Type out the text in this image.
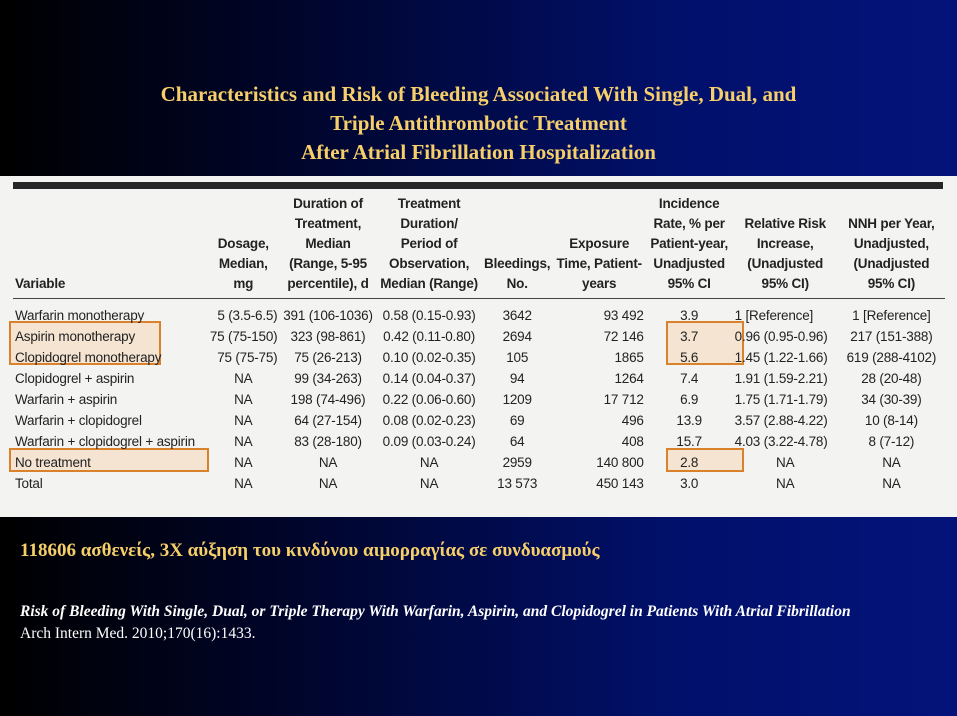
Characteristics and Risk of Bleeding Associated With Single, Dual, and
Triple Antithrombotic Treatment
After Atrial Fibrillation Hospitalization
Variable	Dosage, Median, mg	Duration of Treatment, Median (Range, 5-95 percentile), d	Treatment Duration/ Period of Observation, Median (Range)	Bleedings, No.	Exposure Time, Patient-years	Incidence Rate, % per Patient-year, Unadjusted 95% CI	Relative Risk Increase, (Unadjusted 95% CI)	NNH per Year, Unadjusted, (Unadjusted 95% CI)
Warfarin monotherapy	5 (3.5-6.5)	391 (106-1036)	0.58 (0.15-0.93)	3642	93 492	3.9	1 [Reference]	1 [Reference]
Aspirin monotherapy	75 (75-150)	323 (98-861)	0.42 (0.11-0.80)	2694	72 146	3.7	0.96 (0.95-0.96)	217 (151-388)
Clopidogrel monotherapy	75 (75-75)	75 (26-213)	0.10 (0.02-0.35)	105	1865	5.6	1.45 (1.22-1.66)	619 (288-4102)
Clopidogrel + aspirin	NA	99 (34-263)	0.14 (0.04-0.37)	94	1264	7.4	1.91 (1.59-2.21)	28 (20-48)
Warfarin + aspirin	NA	198 (74-496)	0.22 (0.06-0.60)	1209	17 712	6.9	1.75 (1.71-1.79)	34 (30-39)
Warfarin + clopidogrel	NA	64 (27-154)	0.08 (0.02-0.23)	69	496	13.9	3.57 (2.88-4.22)	10 (8-14)
Warfarin + clopidogrel + aspirin	NA	83 (28-180)	0.09 (0.03-0.24)	64	408	15.7	4.03 (3.22-4.78)	8 (7-12)
No treatment	NA	NA	NA	2959	140 800	2.8	NA	NA
Total	NA	NA	NA	13 573	450 143	3.0	NA	NA
118606 ασθενείς, 3X αύξηση του κινδύνου αιμορραγίας σε συνδυασμούς
Risk of Bleeding With Single, Dual, or Triple Therapy With Warfarin, Aspirin, and Clopidogrel in Patients With Atrial Fibrillation
Arch Intern Med. 2010;170(16):1433.
